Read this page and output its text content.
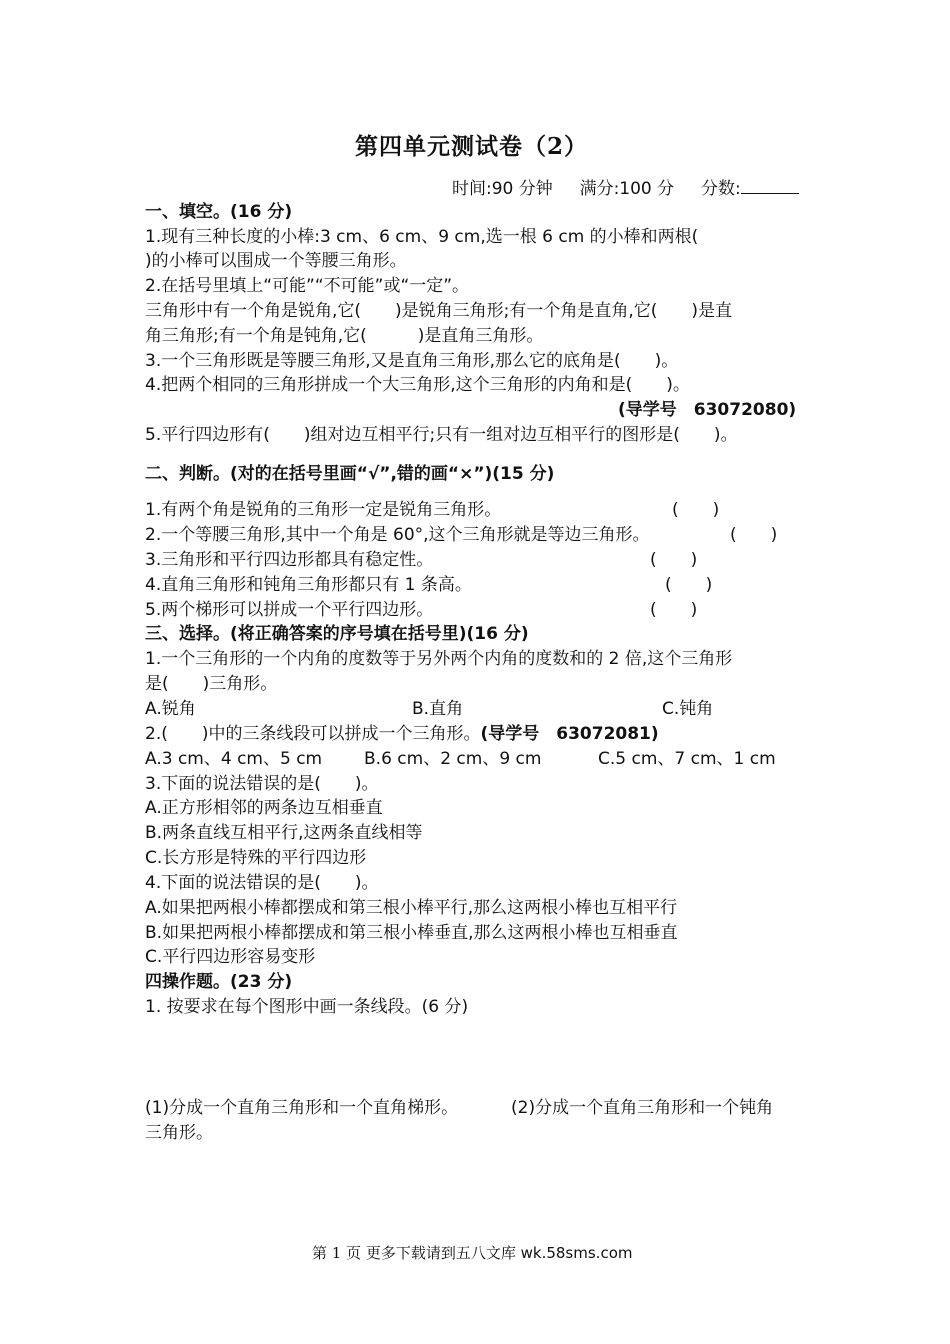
第四单元测试卷（2）
时间:90 分钟 满分:100 分 分数:
一、填空。(16 分)
1.现有三种长度的小棒:3 cm、6 cm、9 cm,选一根 6 cm 的小棒和两根(
)的小棒可以围成一个等腰三角形。
2.在括号里填上“可能”“不可能”或“一定”。
三角形中有一个角是锐角,它(　　)是锐角三角形;有一个角是直角,它(　　)是直
角三角形;有一个角是钝角,它(　　　)是直角三角形。
3.一个三角形既是等腰三角形,又是直角三角形,那么它的底角是(　　)。
4.把两个相同的三角形拼成一个大三角形,这个三角形的内角和是(　　)。
(导学号　63072080)
5.平行四边形有(　　)组对边互相平行;只有一组对边互相平行的图形是(　　)。
二、判断。(对的在括号里画“√”,错的画“×”)(15 分)
1.有两个角是锐角的三角形一定是锐角三角形。	(　　)
2.一个等腰三角形,其中一个角是 60°,这个三角形就是等边三角形。	(　　)
3.三角形和平行四边形都具有稳定性。	(　　)
4.直角三角形和钝角三角形都只有 1 条高。	(　　)
5.两个梯形可以拼成一个平行四边形。	(　　)
三、选择。(将正确答案的序号填在括号里)(16 分)
1.一个三角形的一个内角的度数等于另外两个内角的度数和的 2 倍,这个三角形
是(　　)三角形。
A.锐角	B.直角	C.钝角
2.(　　)中的三条线段可以拼成一个三角形。(导学号　63072081)
A.3 cm、4 cm、5 cm B.6 cm、2 cm、9 cm	C.5 cm、7 cm、1 cm
3.下面的说法错误的是(　　)。
A.正方形相邻的两条边互相垂直
B.两条直线互相平行,这两条直线相等
C.长方形是特殊的平行四边形
4.下面的说法错误的是(　　)。
A.如果把两根小棒都摆成和第三根小棒平行,那么这两根小棒也互相平行
B.如果把两根小棒都摆成和第三根小棒垂直,那么这两根小棒也互相垂直
C.平行四边形容易变形
四操作题。(23 分)
1. 按要求在每个图形中画一条线段。(6 分)
(1)分成一个直角三角形和一个直角梯形。	(2)分成一个直角三角形和一个钝角
三角形。
第 1 页 更多下载请到五八文库 wk.58sms.com
